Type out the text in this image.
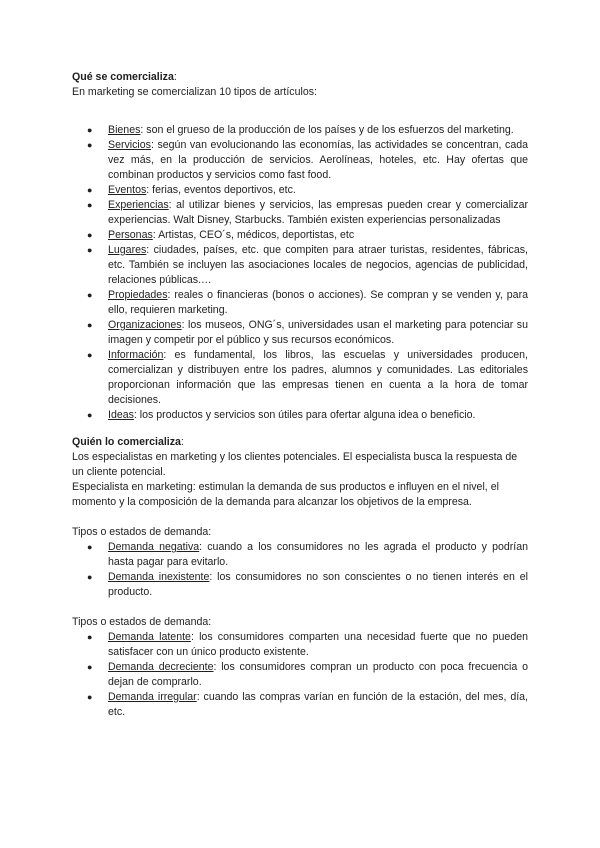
Qué se comercializa:

En marketing se comercializan 10 tipos de artículos:

● Bienes: son el grueso de la producción de los países y de los esfuerzos del marketing.
● Servicios: según van evolucionando las economías, las actividades se concentran, cada vez más, en la producción de servicios. Aerolíneas, hoteles, etc. Hay ofertas que combinan productos y servicios como fast food.
● Eventos: ferias, eventos deportivos, etc.
● Experiencias: al utilizar bienes y servicios, las empresas pueden crear y comercializar experiencias. Walt Disney, Starbucks. También existen experiencias personalizadas
● Personas: Artistas, CEO´s, médicos, deportistas, etc
● Lugares: ciudades, países, etc. que compiten para atraer turistas, residentes, fábricas, etc. También se incluyen las asociaciones locales de negocios, agencias de publicidad, relaciones públicas.…
● Propiedades: reales o financieras (bonos o acciones). Se compran y se venden y, para ello, requieren marketing.
● Organizaciones: los museos, ONG´s, universidades usan el marketing para potenciar su imagen y competir por el público y sus recursos económicos.
● Información: es fundamental, los libros, las escuelas y universidades producen, comercializan y distribuyen entre los padres, alumnos y comunidades. Las editoriales proporcionan información que las empresas tienen en cuenta a la hora de tomar decisiones.
● Ideas: los productos y servicios son útiles para ofertar alguna idea o beneficio.

Quién lo comercializa:

Los especialistas en marketing y los clientes potenciales. El especialista busca la respuesta de un cliente potencial.

Especialista en marketing: estimulan la demanda de sus productos e influyen en el nivel, el momento y la composición de la demanda para alcanzar los objetivos de la empresa.

Tipos o estados de demanda:

● Demanda negativa: cuando a los consumidores no les agrada el producto y podrían hasta pagar para evitarlo.
● Demanda inexistente: los consumidores no son conscientes o no tienen interés en el producto.

Tipos o estados de demanda:

● Demanda latente: los consumidores comparten una necesidad fuerte que no pueden satisfacer con un único producto existente.
● Demanda decreciente: los consumidores compran un producto con poca frecuencia o dejan de comprarlo.
● Demanda irregular: cuando las compras varían en función de la estación, del mes, día, etc.
